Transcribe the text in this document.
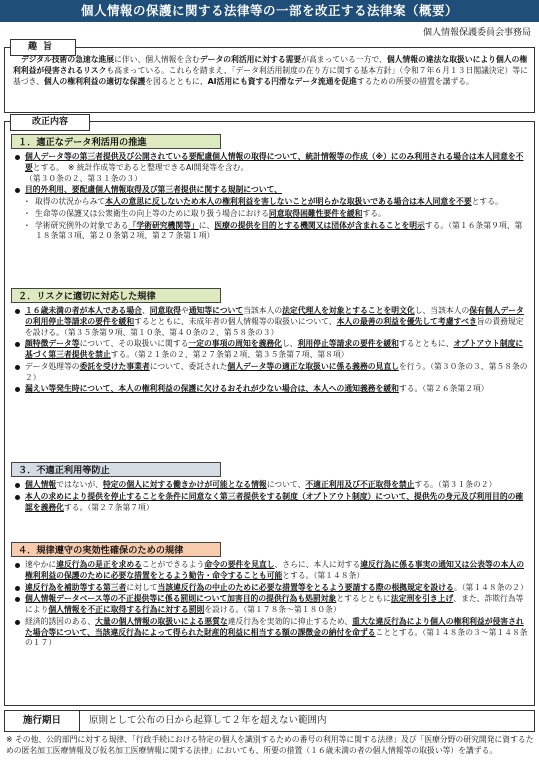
個人情報の保護に関する法律等の一部を改正する法律案（概要）
個人情報保護委員会事務局
趣旨
デジタル技術の急速な進展に伴い、個人情報を含むデータの利活用に対する需要が高まっている一方で、個人情報の違法な取扱いにより個人の権利利益が侵害されるリスクも高まっている。これらを踏まえ、「データ利活用制度の在り方に関する基本方針」（令和７年６月１３日閣議決定）等に基づき、個人の権利利益の適切な保護を図るとともに、AI活用にも資する円滑なデータ流通を促進するための所要の措置を講ずる。
改正内容
１．適正なデータ利活用の推進
個人データ等の第三者提供及び公開されている要配慮個人情報の取得について、統計情報等の作成（※）にのみ利用される場合は本人同意を不要とする。　※ 統計作成等であると整理できるAI開発等を含む。
（第３０条の２、第３１条の３）
目的外利用、要配慮個人情報取得及び第三者提供に関する規制について、
・ 取得の状況からみて本人の意思に反しないため本人の権利利益を害しないことが明らかな取扱いである場合は本人同意を不要とする。
・ 生命等の保護又は公衆衛生の向上等のために取り扱う場合における同意取得困難性要件を緩和する。
・ 学術研究例外の対象である「学術研究機関等」に、医療の提供を目的とする機関又は団体が含まれることを明示する。（第１６条第９項、第１８条第３項、第２０条第２項、第２７条第１項）
２．リスクに適切に対応した規律
１６歳未満の者が本人である場合、同意取得や通知等について当該本人の法定代理人を対象とすることを明文化し、当該本人の保有個人データの利用停止等請求の要件を緩和するとともに、未成年者の個人情報等の取扱いについて、本人の最善の利益を優先して考慮すべき旨の責務規定を設ける。（第３５条第９項、第１０条、第４０条の２、第５８条の３）
顔特徴データ等について、その取扱いに関する一定の事項の周知を義務化し、利用停止等請求の要件を緩和するとともに、オプトアウト制度に基づく第三者提供を禁止する。（第２１条の２、第２７条第２項、第３５条第７項、第８項）
データ処理等の委託を受けた事業者について、委託された個人データ等の適正な取扱いに係る義務の見直しを行う。（第３０条の３、第５８条の２）
漏えい等発生時について、本人の権利利益の保護に欠けるおそれが少ない場合は、本人への通知義務を緩和する。（第２６条第２項）
３．不適正利用等防止
個人情報ではないが、特定の個人に対する働きかけが可能となる情報について、不適正利用及び不正取得を禁止する。（第３１条の２）
本人の求めにより提供を停止することを条件に同意なく第三者提供をする制度（オプトアウト制度）について、提供先の身元及び利用目的の確認を義務化する。（第２７条第７項）
４．規律遵守の実効性確保のための規律
速やかに違反行為の是正を求めることができるよう命令の要件を見直し、さらに、本人に対する違反行為に係る事実の通知又は公表等の本人の権利利益の保護のために必要な措置をとるよう勧告・命令することも可能とする。（第１４８条）
違反行為を補助等する第三者に対して当該違反行為の中止のために必要な措置等をとるよう要請する際の根拠規定を設ける。（第１４８条の２）
個人情報データベース等の不正提供等に係る罰則について加害目的の提供行為も処罰対象とするとともに法定刑を引き上げ、また、詐欺行為等により個人情報を不正に取得する行為に対する罰則を設ける。（第１７８条～第１８０条）
経済的誘因のある、大量の個人情報の取扱いによる悪質な違反行為を実効的に抑止するため、重大な違反行為により個人の権利利益が侵害された場合等について、当該違反行為によって得られた財産的利益に相当する額の課徴金の納付を命ずることとする。（第１４８条の３～第１４８条の１７）
施行期日	原則として公布の日から起算して２年を超えない範囲内
※ その他、公的部門に対する規律、「行政手続における特定の個人を識別するための番号の利用等に関する法律」及び「医療分野の研究開発に資するための匿名加工医療情報及び仮名加工医療情報に関する法律」においても、所要の措置（１６歳未満の者の個人情報等の取扱い等）を講ずる。
